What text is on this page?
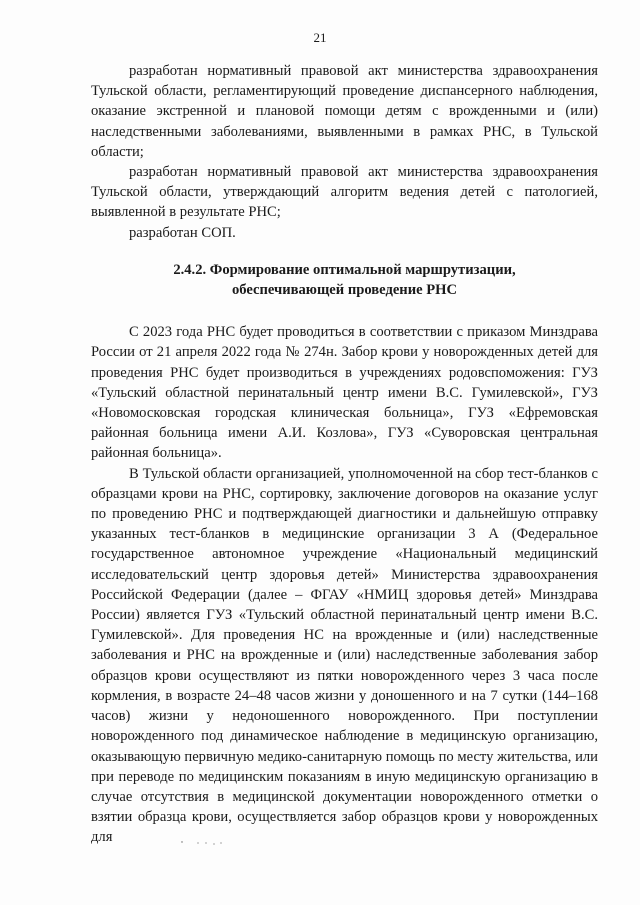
21

разработан нормативный правовой акт министерства здравоохранения Тульской области, регламентирующий проведение диспансерного наблюдения, оказание экстренной и плановой помощи детям с врожденными и (или) наследственными заболеваниями, выявленными в рамках РНС, в Тульской области;

разработан нормативный правовой акт министерства здравоохранения Тульской области, утверждающий алгоритм ведения детей с патологией, выявленной в результате РНС;

разработан СОП.

2.4.2. Формирование оптимальной маршрутизации,
обеспечивающей проведение РНС

С 2023 года РНС будет проводиться в соответствии с приказом Минздрава России от 21 апреля 2022 года № 274н. Забор крови у новорожденных детей для проведения РНС будет производиться в учреждениях родовспоможения: ГУЗ «Тульский областной перинатальный центр имени В.С. Гумилевской», ГУЗ «Новомосковская городская клиническая больница», ГУЗ «Ефремовская районная больница имени А.И. Козлова», ГУЗ «Суворовская центральная районная больница».

В Тульской области организацией, уполномоченной на сбор тест-бланков с образцами крови на РНС, сортировку, заключение договоров на оказание услуг по проведению РНС и подтверждающей диагностики и дальнейшую отправку указанных тест-бланков в медицинские организации 3 А (Федеральное государственное автономное учреждение «Национальный медицинский исследовательский центр здоровья детей» Министерства здравоохранения Российской Федерации (далее – ФГАУ «НМИЦ здоровья детей» Минздрава России) является ГУЗ «Тульский областной перинатальный центр имени В.С. Гумилевской». Для проведения НС на врожденные и (или) наследственные заболевания и РНС на врожденные и (или) наследственные заболевания забор образцов крови осуществляют из пятки новорожденного через 3 часа после кормления, в возрасте 24–48 часов жизни у доношенного и на 7 сутки (144–168 часов) жизни у недоношенного новорожденного. При поступлении новорожденного под динамическое наблюдение в медицинскую организацию, оказывающую первичную медико-санитарную помощь по месту жительства, или при переводе по медицинским показаниям в иную медицинскую организацию в случае отсутствия в медицинской документации новорожденного отметки о взятии образца крови, осуществляется забор образцов крови у новорожденных для
